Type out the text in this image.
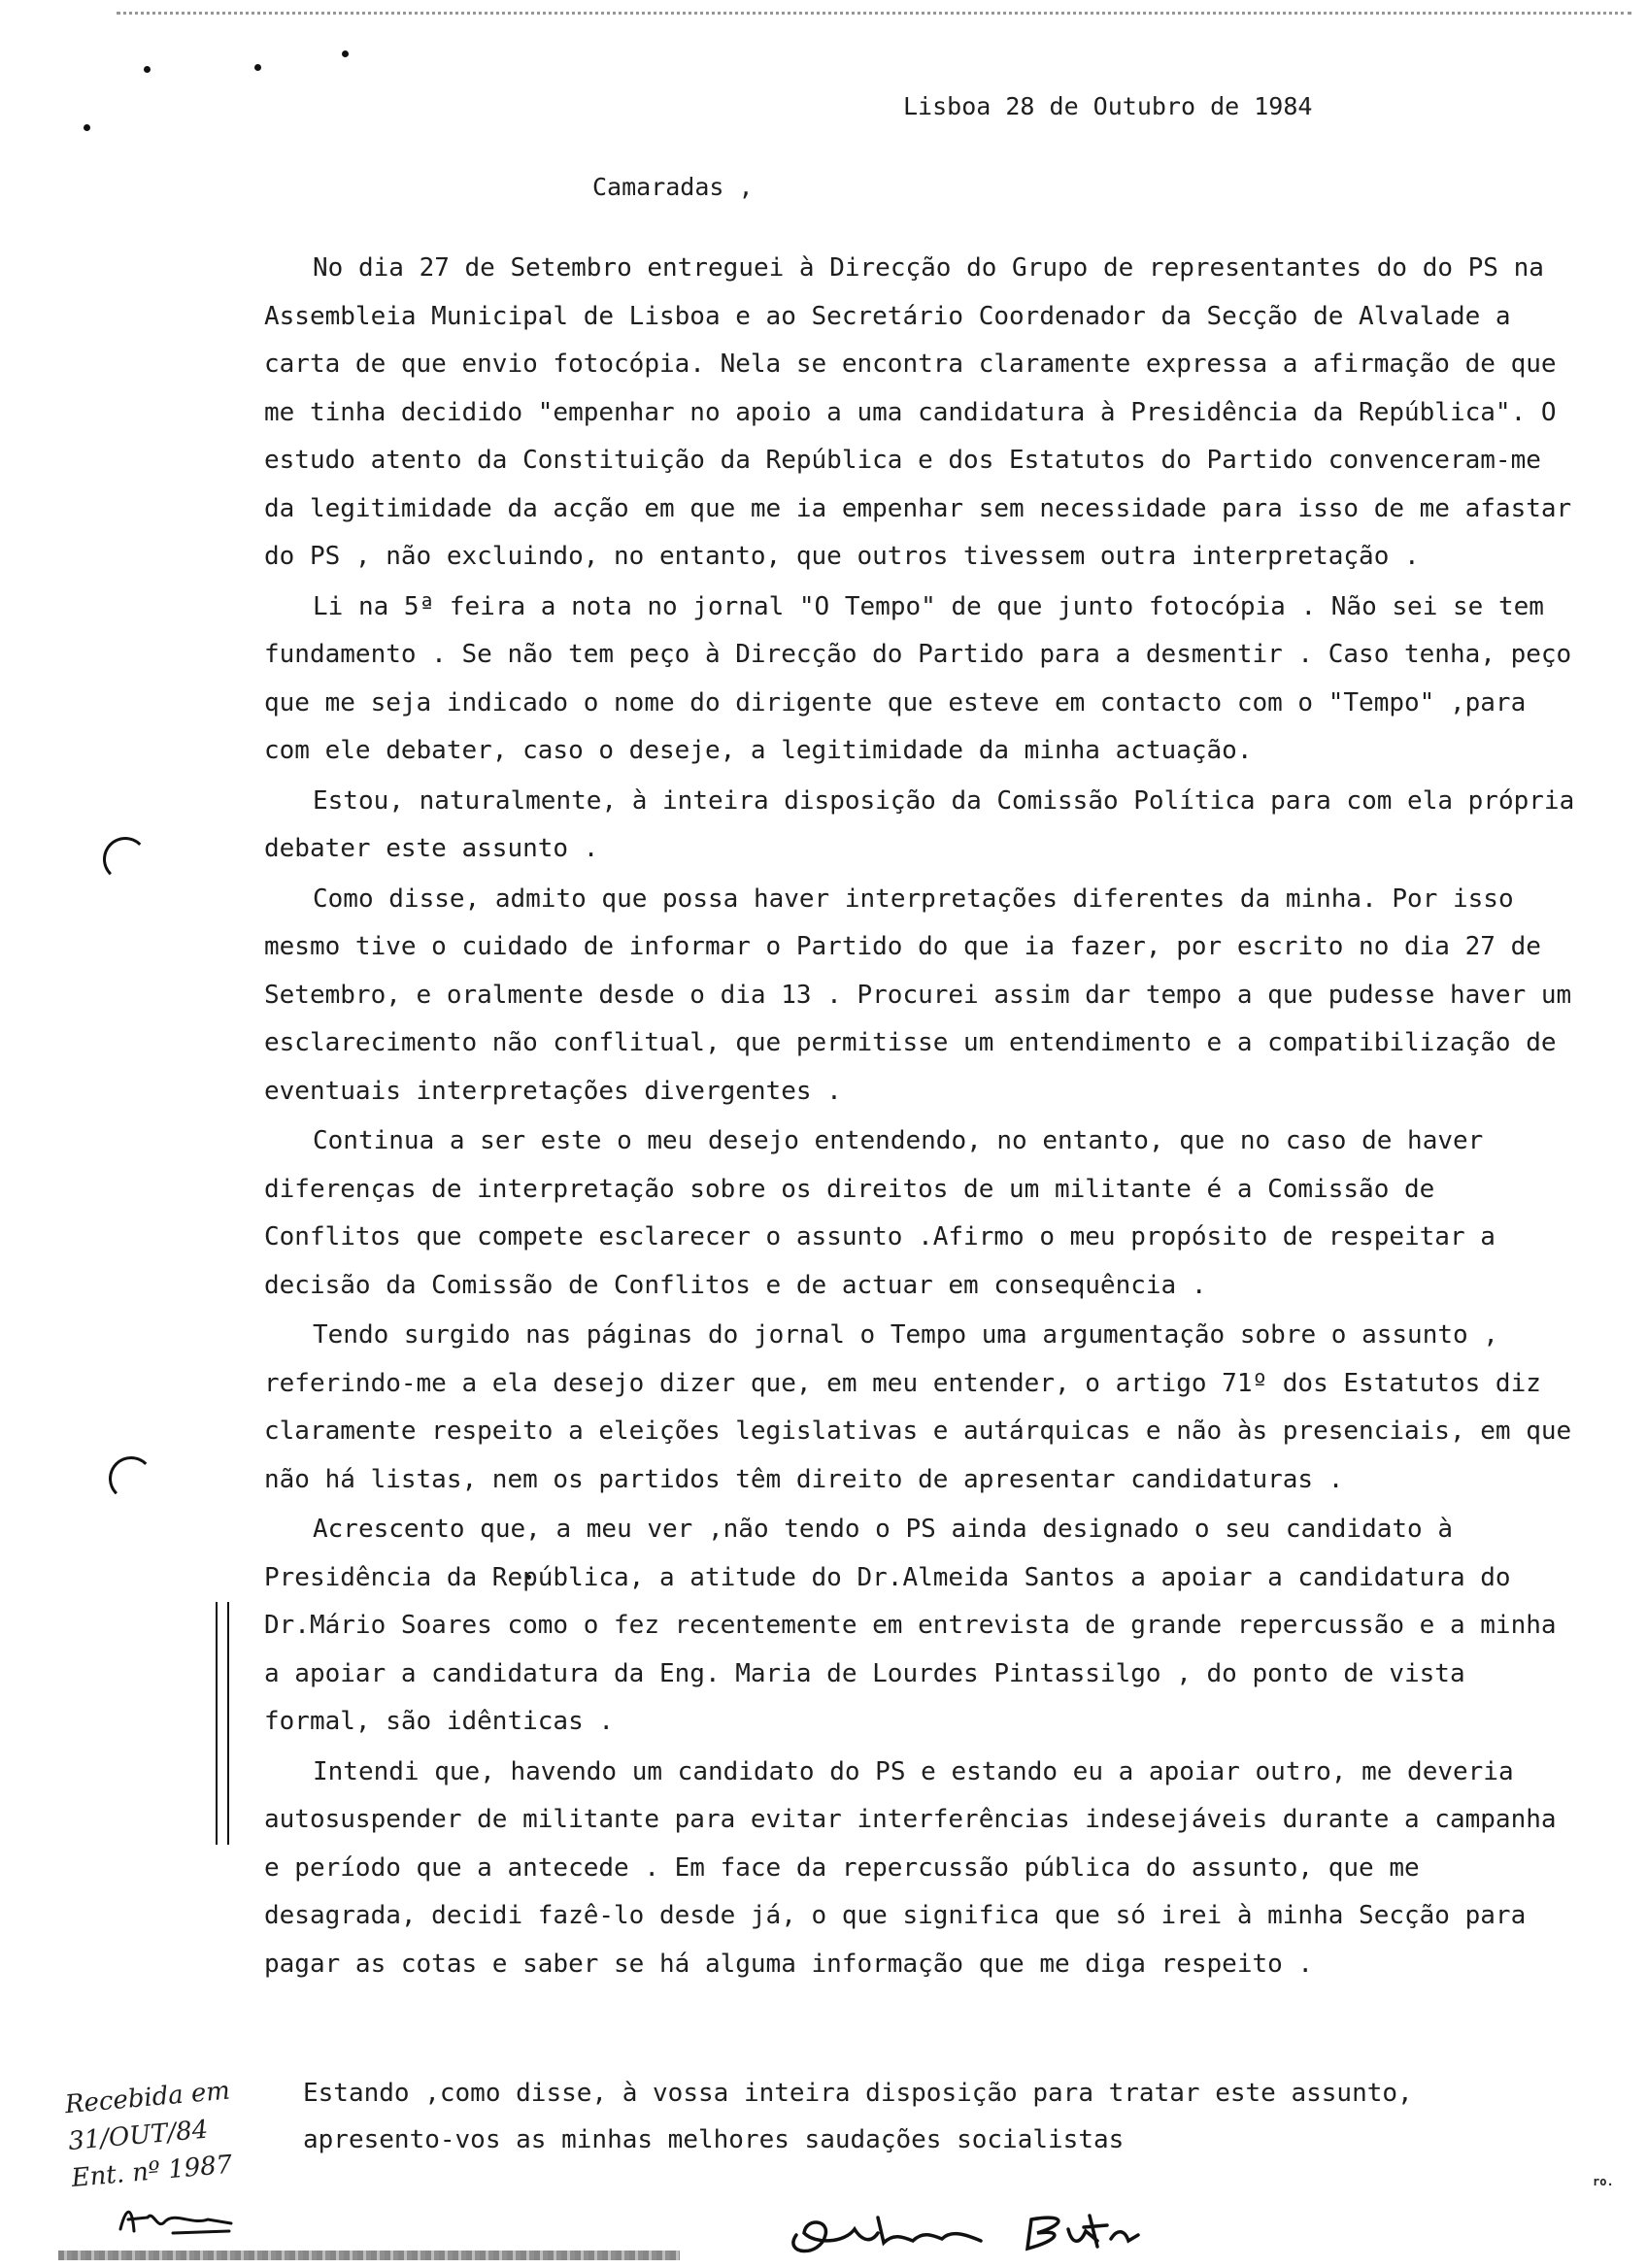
Lisboa 28 de Outubro de 1984
Camaradas ,

No dia 27 de Setembro entreguei à Direcção do Grupo de representantes do do PS na Assembleia Municipal de Lisboa e ao Secretário Coordenador da Secção de Alvalade a carta de que envio fotocópia. Nela se encontra claramente expressa a afirmação de que me tinha decidido "empenhar no apoio a uma candidatura à Presidência da República". O estudo atento da Constituição da República e dos Estatutos do Partido convenceram-me da legitimidade da acção em que me ia empenhar sem necessidade para isso de me afastar do PS , não excluindo, no entanto, que outros tivessem outra interpretação .

Li na 5ª feira a nota no jornal "O Tempo" de que junto fotocópia . Não sei se tem fundamento . Se não tem peço à Direcção do Partido para a desmentir . Caso tenha, peço que me seja indicado o nome do dirigente que esteve em contacto com o "Tempo" ,para com ele debater, caso o deseje, a legitimidade da minha actuação.

Estou, naturalmente, à inteira disposição da Comissão Política para com ela própria debater este assunto .

Como disse, admito que possa haver interpretações diferentes da minha. Por isso mesmo tive o cuidado de informar o Partido do que ia fazer, por escrito no dia 27 de Setembro, e oralmente desde o dia 13 . Procurei assim dar tempo a que pudesse haver um esclarecimento não conflitual, que permitisse um entendimento e a compatibilização de eventuais interpretações divergentes .

Continua a ser este o meu desejo entendendo, no entanto, que no caso de haver diferenças de interpretação sobre os direitos de um militante é a Comissão de Conflitos que compete esclarecer o assunto .Afirmo o meu propósito de respeitar a decisão da Comissão de Conflitos e de actuar em consequência .

Tendo surgido nas páginas do jornal o Tempo uma argumentação sobre o assunto , referindo-me a ela desejo dizer que, em meu entender, o artigo 71º dos Estatutos diz claramente respeito a eleições legislativas e autárquicas e não às presenciais, em que não há listas, nem os partidos têm direito de apresentar candidaturas .

Acrescento que, a meu ver ,não tendo o PS ainda designado o seu candidato à Presidência da República, a atitude do Dr.Almeida Santos a apoiar a candidatura do Dr.Mário Soares como o fez recentemente em entrevista de grande repercussão e a minha a apoiar a candidatura da Eng. Maria de Lourdes Pintassilgo , do ponto de vista formal, são idênticas .

Intendi que, havendo um candidato do PS e estando eu a apoiar outro, me deveria autosuspender de militante para evitar interferências indesejáveis durante a campanha e período que a antecede . Em face da repercussão pública do assunto, que me desagrada, decidi fazê-lo desde já, o que significa que só irei à minha Secção para pagar as cotas e saber se há alguma informação que me diga respeito .

Estando ,como disse, à vossa inteira disposição para tratar este assunto,

apresento-vos as minhas melhores saudações socialistas

Recebida em
31/OUT/84
Ent. nº 1987	ro.
